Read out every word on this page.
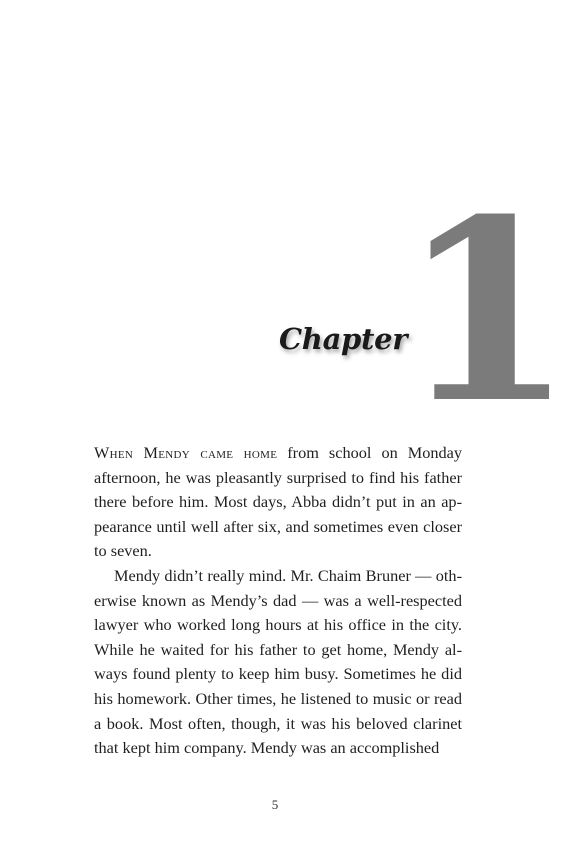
Chapter
1

When Mendy came home from school on Monday afternoon, he was pleasantly surprised to find his father there before him. Most days, Abba didn’t put in an appearance until well after six, and sometimes even closer to seven.

Mendy didn’t really mind. Mr. Chaim Bruner — otherwise known as Mendy’s dad — was a well-respected lawyer who worked long hours at his office in the city. While he waited for his father to get home, Mendy always found plenty to keep him busy. Sometimes he did his homework. Other times, he listened to music or read a book. Most often, though, it was his beloved clarinet that kept him company. Mendy was an accomplished

5
